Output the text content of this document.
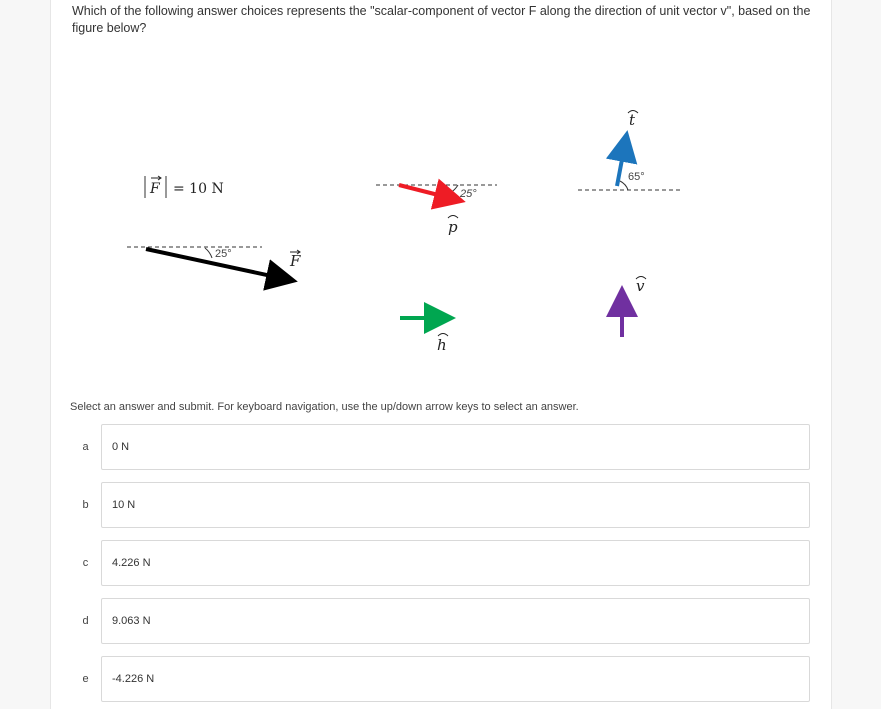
Which of the following answer choices represents the "scalar-component of vector F along the direction of unit vector v", based on the figure below?
F = 10 N
25°	F
25°
p
h
65°
t
v
Select an answer and submit. For keyboard navigation, use the up/down arrow keys to select an answer.
a	0 N
b	10 N
c	4.226 N
d	9.063 N
e	-4.226 N
